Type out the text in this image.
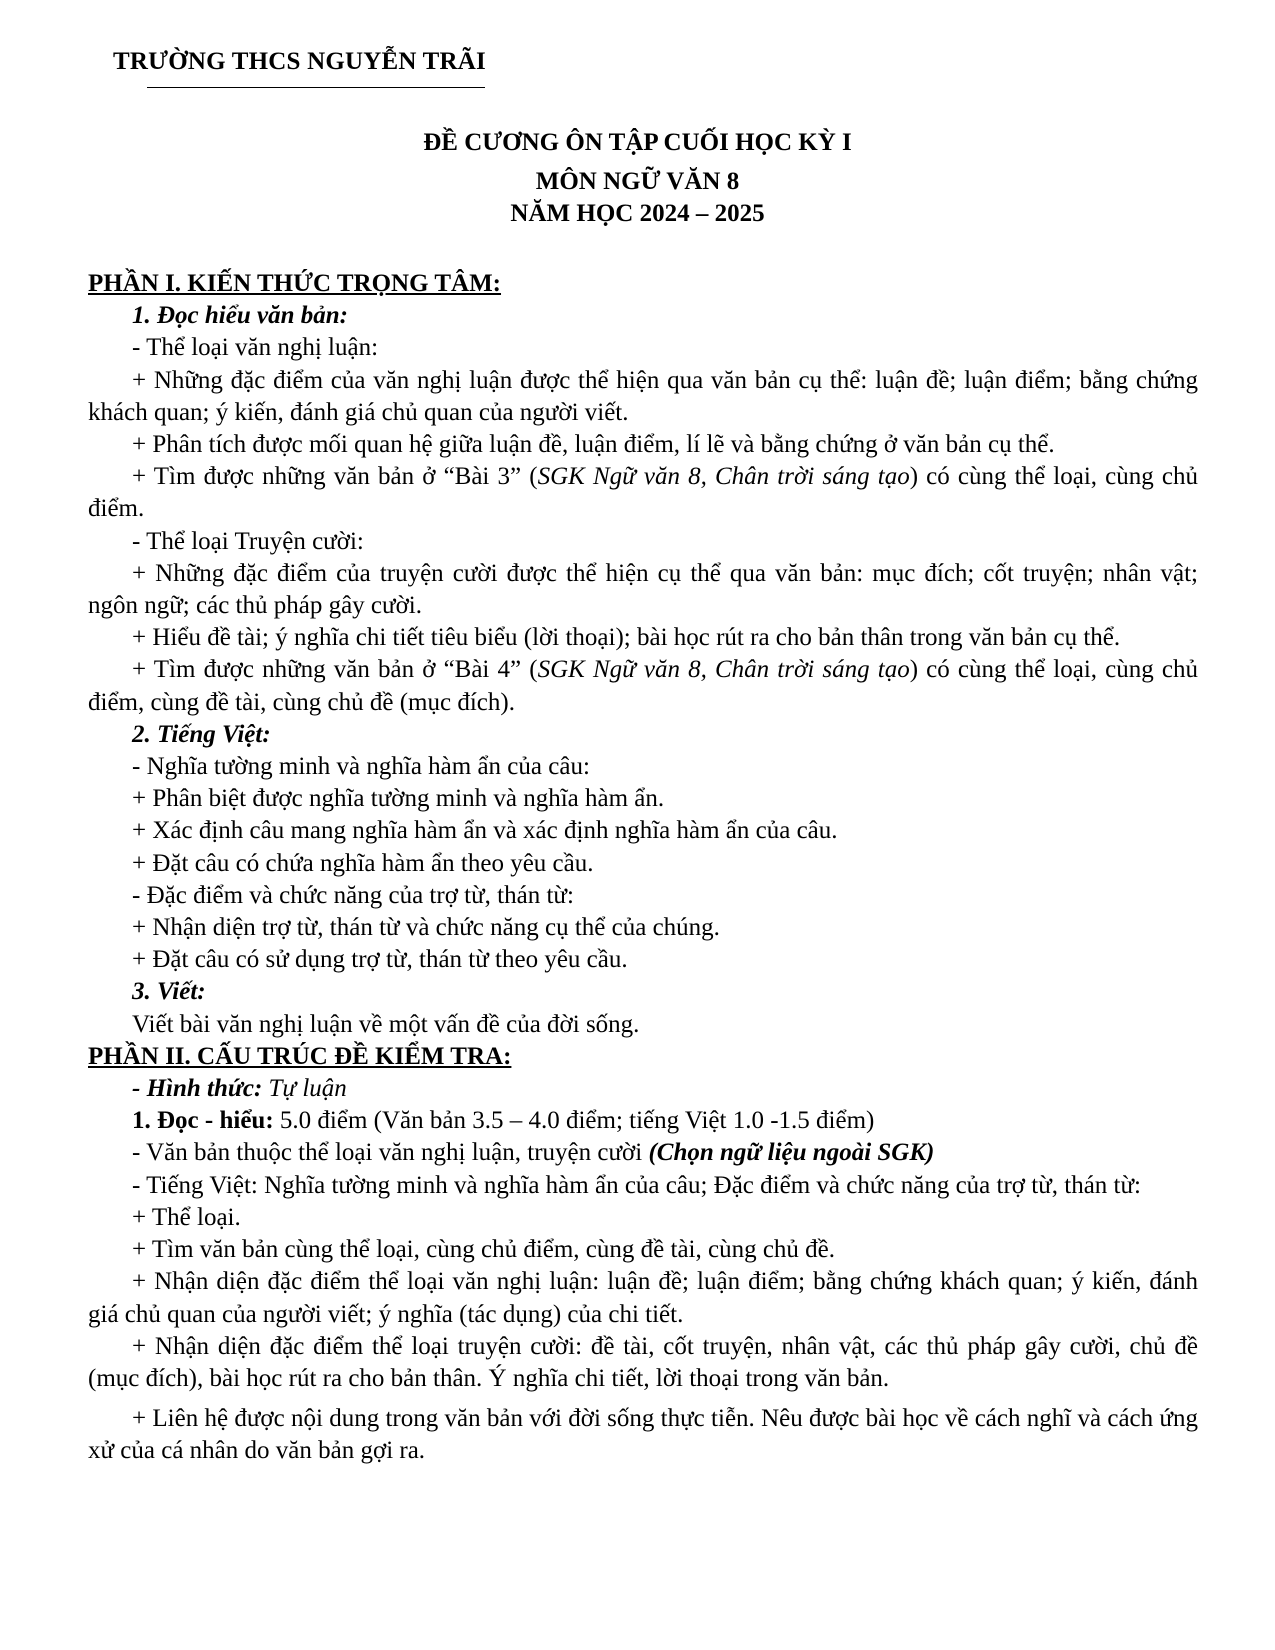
TRƯỜNG THCS NGUYỄN TRÃI
ĐỀ CƯƠNG ÔN TẬP CUỐI HỌC KỲ I
MÔN NGỮ VĂN 8
NĂM HỌC 2024 – 2025

PHẦN I. KIẾN THỨC TRỌNG TÂM:

1. Đọc hiểu văn bản:

- Thể loại văn nghị luận:

+ Những đặc điểm của văn nghị luận được thể hiện qua văn bản cụ thể: luận đề; luận điểm; bằng chứng khách quan; ý kiến, đánh giá chủ quan của người viết.

+ Phân tích được mối quan hệ giữa luận đề, luận điểm, lí lẽ và bằng chứng ở văn bản cụ thể.

+ Tìm được những văn bản ở “Bài 3” (SGK Ngữ văn 8, Chân trời sáng tạo) có cùng thể loại, cùng chủ điểm.

- Thể loại Truyện cười:

+ Những đặc điểm của truyện cười được thể hiện cụ thể qua văn bản: mục đích; cốt truyện; nhân vật; ngôn ngữ; các thủ pháp gây cười.

+ Hiểu đề tài; ý nghĩa chi tiết tiêu biểu (lời thoại); bài học rút ra cho bản thân trong văn bản cụ thể.

+ Tìm được những văn bản ở “Bài 4” (SGK Ngữ văn 8, Chân trời sáng tạo) có cùng thể loại, cùng chủ điểm, cùng đề tài, cùng chủ đề (mục đích).

2. Tiếng Việt:

- Nghĩa tường minh và nghĩa hàm ẩn của câu:

+ Phân biệt được nghĩa tường minh và nghĩa hàm ẩn.

+ Xác định câu mang nghĩa hàm ẩn và xác định nghĩa hàm ẩn của câu.

+ Đặt câu có chứa nghĩa hàm ẩn theo yêu cầu.

- Đặc điểm và chức năng của trợ từ, thán từ:

+ Nhận diện trợ từ, thán từ và chức năng cụ thể của chúng.

+ Đặt câu có sử dụng trợ từ, thán từ theo yêu cầu.

3. Viết:

Viết bài văn nghị luận về một vấn đề của đời sống.

PHẦN II. CẤU TRÚC ĐỀ KIỂM TRA:

- Hình thức: Tự luận

1. Đọc - hiểu: 5.0 điểm (Văn bản 3.5 – 4.0 điểm; tiếng Việt 1.0 -1.5 điểm)

- Văn bản thuộc thể loại văn nghị luận, truyện cười (Chọn ngữ liệu ngoài SGK)

- Tiếng Việt: Nghĩa tường minh và nghĩa hàm ẩn của câu; Đặc điểm và chức năng của trợ từ, thán từ:

+ Thể loại.

+ Tìm văn bản cùng thể loại, cùng chủ điểm, cùng đề tài, cùng chủ đề.

+ Nhận diện đặc điểm thể loại văn nghị luận: luận đề; luận điểm; bằng chứng khách quan; ý kiến, đánh giá chủ quan của người viết; ý nghĩa (tác dụng) của chi tiết.

+ Nhận diện đặc điểm thể loại truyện cười: đề tài, cốt truyện, nhân vật, các thủ pháp gây cười, chủ đề (mục đích), bài học rút ra cho bản thân. Ý nghĩa chi tiết, lời thoại trong văn bản.

+ Liên hệ được nội dung trong văn bản với đời sống thực tiễn. Nêu được bài học về cách nghĩ và cách ứng xử của cá nhân do văn bản gợi ra.
